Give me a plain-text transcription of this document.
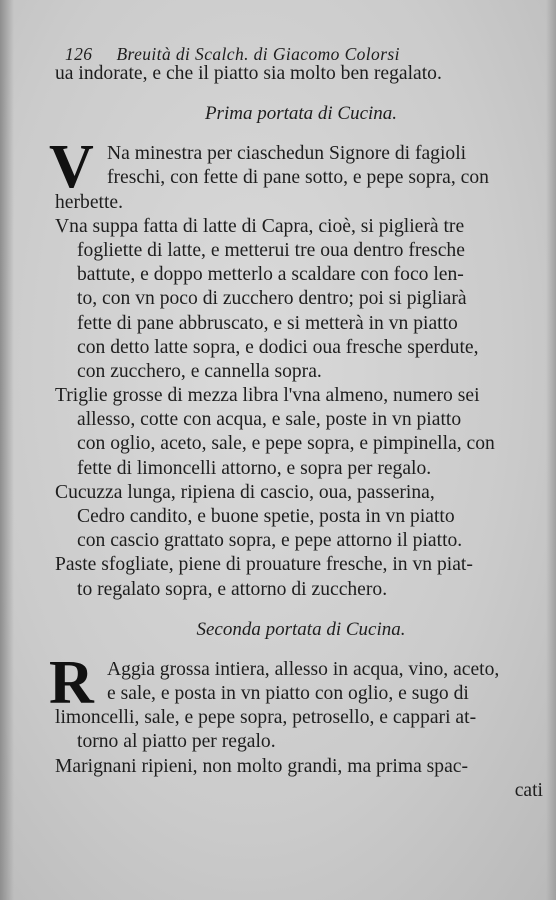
126 Breuità di Scalch. di Giacomo Colorsi
ua indorate, e che il piatto sia molto ben regalato.
Prima portata di Cucina.
V Na minestra per ciaschedun Signore di fagioli
freschi, con fette di pane sotto, e pepe sopra, con
herbette.
Vna suppa fatta di latte di Capra, cioè, si piglierà tre
fogliette di latte, e metterui tre oua dentro fresche
battute, e doppo metterlo a scaldare con foco len-
to, con vn poco di zucchero dentro; poi si pigliarà
fette di pane abbruscato, e si metterà in vn piatto
con detto latte sopra, e dodici oua fresche sperdute,
con zucchero, e cannella sopra.
Triglie grosse di mezza libra l'vna almeno, numero sei
allesso, cotte con acqua, e sale, poste in vn piatto
con oglio, aceto, sale, e pepe sopra, e pimpinella, con
fette di limoncelli attorno, e sopra per regalo.
Cucuzza lunga, ripiena di cascio, oua, passerina,
Cedro candito, e buone spetie, posta in vn piatto
con cascio grattato sopra, e pepe attorno il piatto.
Paste sfogliate, piene di prouature fresche, in vn piat-
to regalato sopra, e attorno di zucchero.
Seconda portata di Cucina.
R Aggia grossa intiera, allesso in acqua, vino, aceto,
e sale, e posta in vn piatto con oglio, e sugo di
limoncelli, sale, e pepe sopra, petrosello, e cappari at-
torno al piatto per regalo.
Marignani ripieni, non molto grandi, ma prima spac-
cati
